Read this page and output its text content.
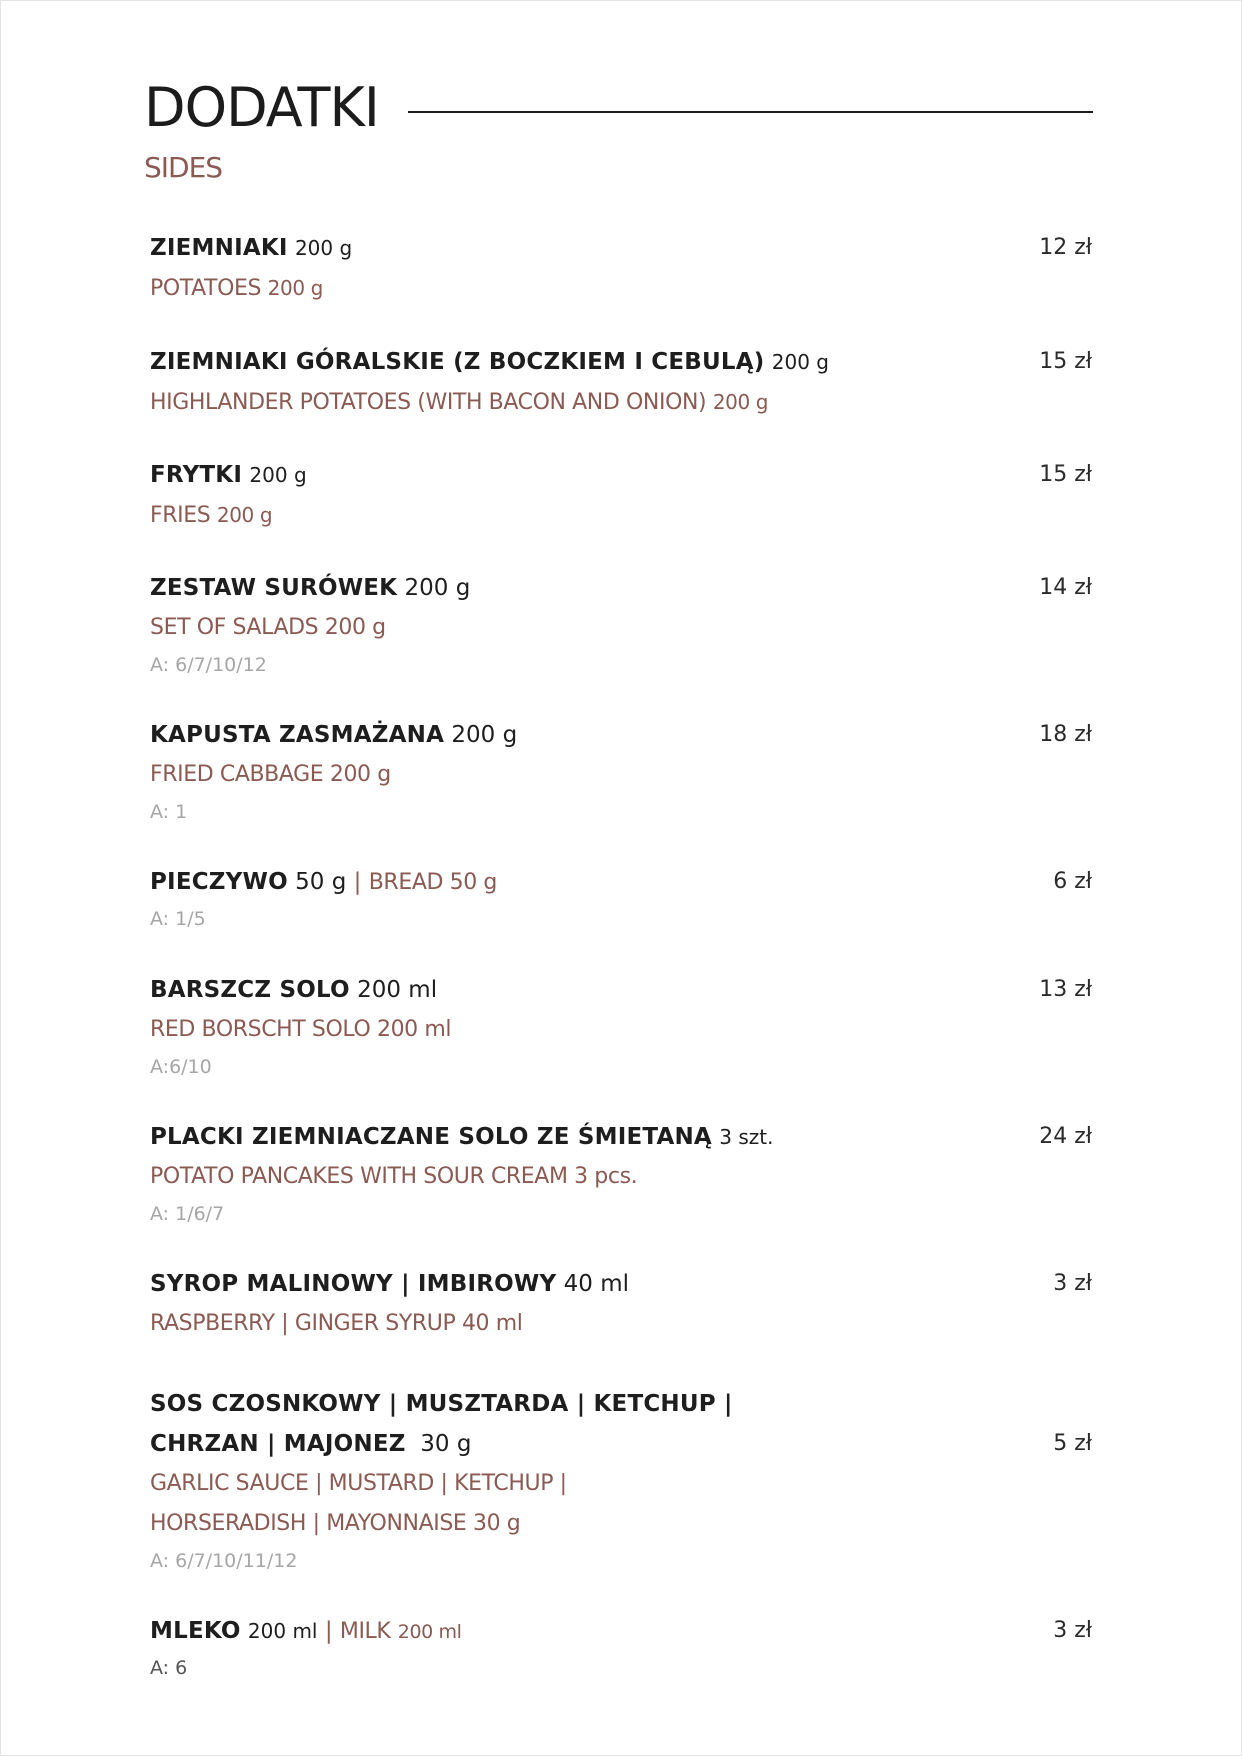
DODATKI
SIDES
ZIEMNIAKI 200 g
POTATOES 200 g
12 zł
ZIEMNIAKI GÓRALSKIE (Z BOCZKIEM I CEBULĄ) 200 g
HIGHLANDER POTATOES (WITH BACON AND ONION) 200 g
15 zł
FRYTKI 200 g
FRIES 200 g
15 zł
ZESTAW SURÓWEK 200 g
SET OF SALADS 200 g
A: 6/7/10/12
14 zł
KAPUSTA ZASMAŻANA 200 g
FRIED CABBAGE 200 g
A: 1
18 zł
PIECZYWO 50 g | BREAD 50 g
A: 1/5
6 zł
BARSZCZ SOLO 200 ml
RED BORSCHT SOLO 200 ml
A:6/10
13 zł
PLACKI ZIEMNIACZANE SOLO ZE ŚMIETANĄ 3 szt.
POTATO PANCAKES WITH SOUR CREAM 3 pcs.
A: 1/6/7
24 zł
SYROP MALINOWY | IMBIROWY 40 ml
RASPBERRY | GINGER SYRUP 40 ml
3 zł
SOS CZOSNKOWY | MUSZTARDA | KETCHUP |
CHRZAN | MAJONEZ 30 g
GARLIC SAUCE | MUSTARD | KETCHUP |
HORSERADISH | MAYONNAISE 30 g
A: 6/7/10/11/12
5 zł
MLEKO 200 ml | MILK 200 ml
A: 6
3 zł
